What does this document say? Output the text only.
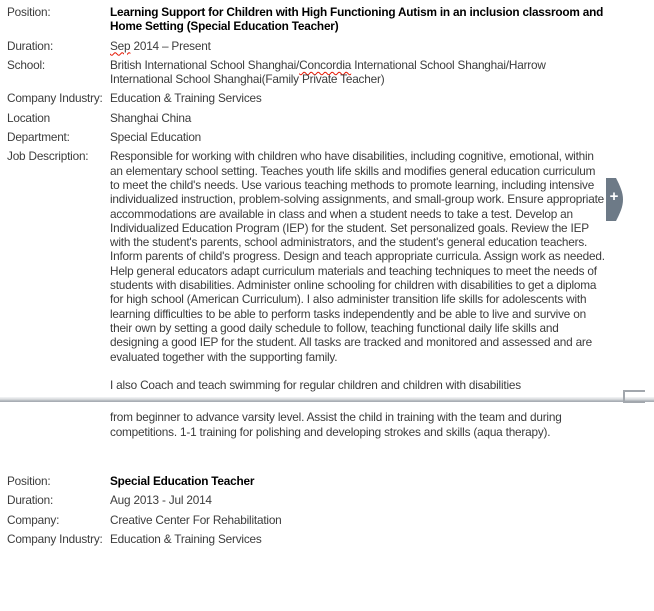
Position:	Learning Support for Children with High Functioning Autism in an inclusion classroom and Home Setting (Special Education Teacher)
Duration:	Sep 2014 – Present
School:	British International School Shanghai/Concordia International School Shanghai/Harrow International School Shanghai(Family Private Teacher)
Company Industry: Education & Training Services
Location	Shanghai China
Department:	Special Education
Job Description:	Responsible for working with children who have disabilities, including cognitive, emotional, within an elementary school setting. Teaches youth life skills and modifies general education curriculum to meet the child's needs. Use various teaching methods to promote learning, including intensive individualized instruction, problem-solving assignments, and small-group work. Ensure appropriate accommodations are available in class and when a student needs to take a test. Develop an Individualized Education Program (IEP) for the student. Set personalized goals. Review the IEP with the student's parents, school administrators, and the student's general education teachers. Inform parents of child's progress. Design and teach appropriate curricula. Assign work as needed. Help general educators adapt curriculum materials and teaching techniques to meet the needs of students with disabilities. Administer online schooling for children with disabilities to get a diploma for high school (American Curriculum). I also administer transition life skills for adolescents with learning difficulties to be able to perform tasks independently and be able to live and survive on their own by setting a good daily schedule to follow, teaching functional daily life skills and designing a good IEP for the student. All tasks are tracked and monitored and assessed and are evaluated together with the supporting family.

I also Coach and teach swimming for regular children and children with disabilities

from beginner to advance varsity level. Assist the child in training with the team and during competitions. 1-1 training for polishing and developing strokes and skills (aqua therapy).
Position:	Special Education Teacher
Duration:	Aug 2013 - Jul 2014
Company:	Creative Center For Rehabilitation
Company Industry: Education & Training Services
+
